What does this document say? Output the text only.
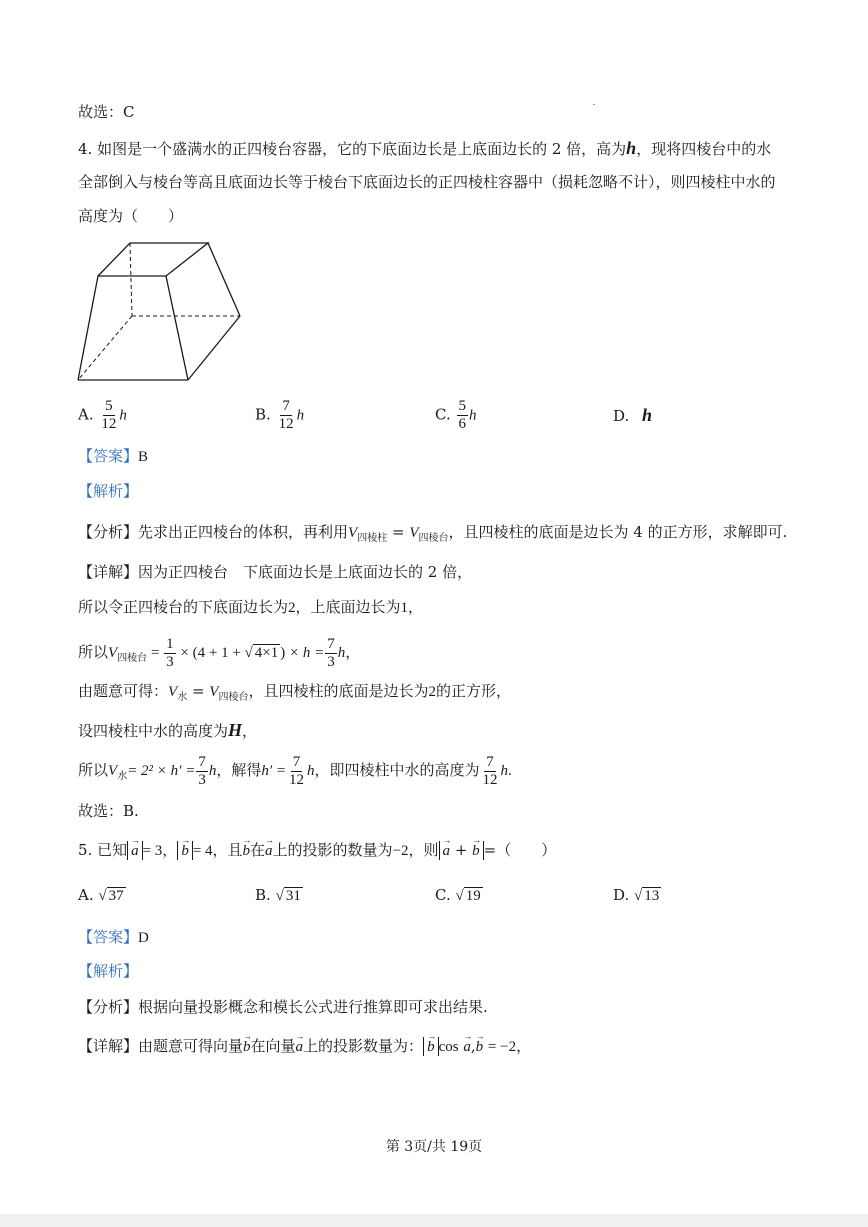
故选：C
4. 如图是一个盛满水的正四棱台容器，它的下底面边长是上底面边长的 2 倍，高为h，现将四棱台中的水
全部倒入与棱台等高且底面边长等于棱台下底面边长的正四棱柱容器中（损耗忽略不计），则四棱柱中水的
高度为（　　）
A. $\frac{5}{12}$ h	B. $\frac{7}{12}$ h	C. $\frac{5}{6}$ h	D. h
【答案】B
【解析】
【分析】先求出正四棱台的体积，再利用$V_{四棱柱} = V_{四棱台}$，且四棱柱的底面是边长为 4 的正方形，求解即可.
【详解】因为正四棱台　下底面边长是上底面边长的 2 倍，
所以令正四棱台的下底面边长为2，上底面边长为1，
所以$V_{四棱台} = \frac{1}{3} \times (4 + 1$ + √ 4×1 ) × $h = \frac{7}{3}$ h，
由题意可得：$V_水 = V_{四棱台}$，且四棱柱的底面是边长为2的正方形，
设四棱柱中水的高度为H，
所以$V_水= 2^2 \times h' = \frac{7}{3}$ h，解得$h' = \frac{7}{12}$ h，即四棱柱中水的高度为 $\frac{7}{12} h$.
故选：B.
5. 已知 → a = 3， → b = 4，且→ b在→ a上的投影的数量为−2，则 → a + → b =（　　）
A. √ 37	B. √ 31	C. √ 19	D. √ 13
【答案】D
【解析】
【分析】根据向量投影概念和模长公式进行推算即可求出结果.
【详解】由题意可得向量→ b在向量→ a上的投影数量为： → b cos → a,→ b = −2，
第 3页/共 19页
